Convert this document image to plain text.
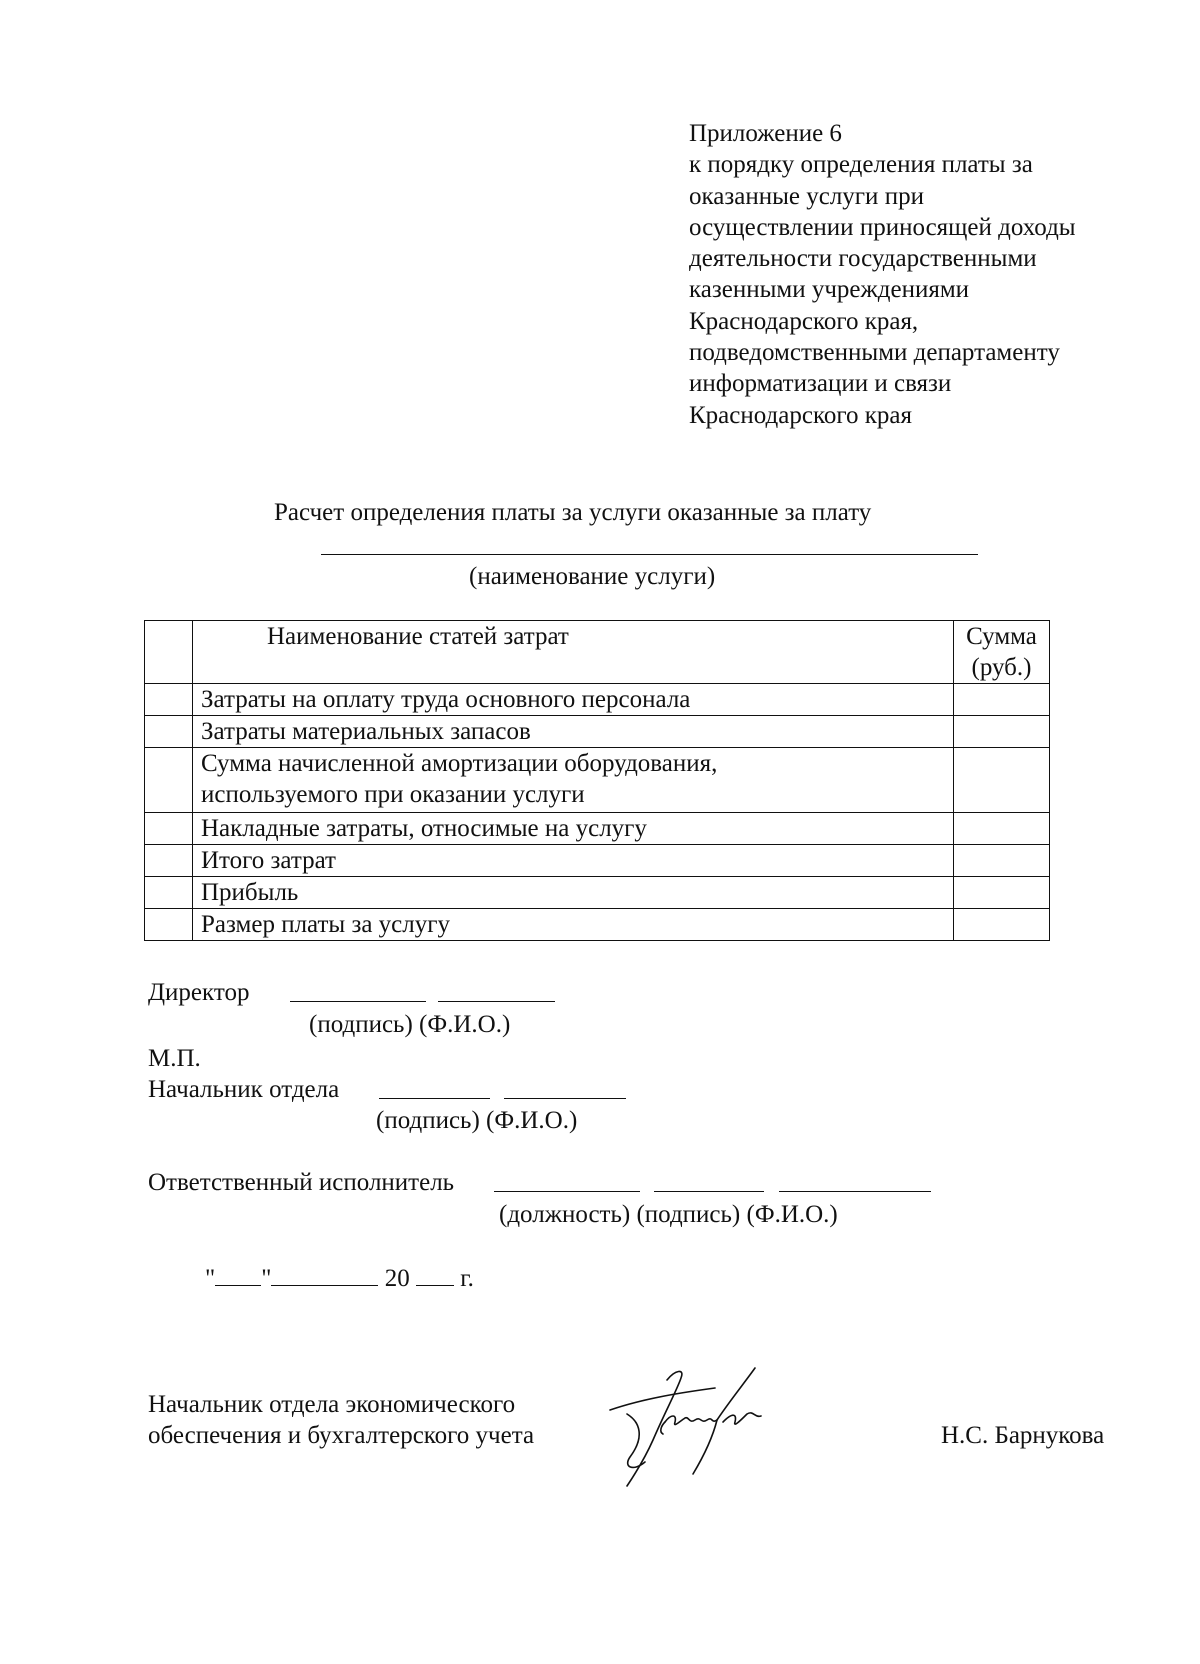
Приложение 6
к порядку определения платы за
оказанные услуги при
осуществлении приносящей доходы
деятельности государственными
казенными учреждениями
Краснодарского края,
подведомственными департаменту
информатизации и связи
Краснодарского края
Расчет определения платы за услуги оказанные за плату
(наименование услуги)
	Наименование статей затрат	Сумма
(руб.)

	Затраты на оплату труда основного персонала	
	Затраты материальных запасов	

	Сумма начисленной амортизации оборудования,
используемого при оказании услуги	

	Накладные затраты, относимые на услугу	
	Итого затрат	
	Прибыль	
	Размер платы за услугу	
Директор

(подпись) (Ф.И.О.)
М.П.
Начальник отдела

(подпись) (Ф.И.О.)
Ответственный исполнитель

(должность) (подпись) (Ф.И.О.)
" "	20 г.
Начальник отдела экономического
обеспечения и бухгалтерского учета	Н.С. Барнукова
